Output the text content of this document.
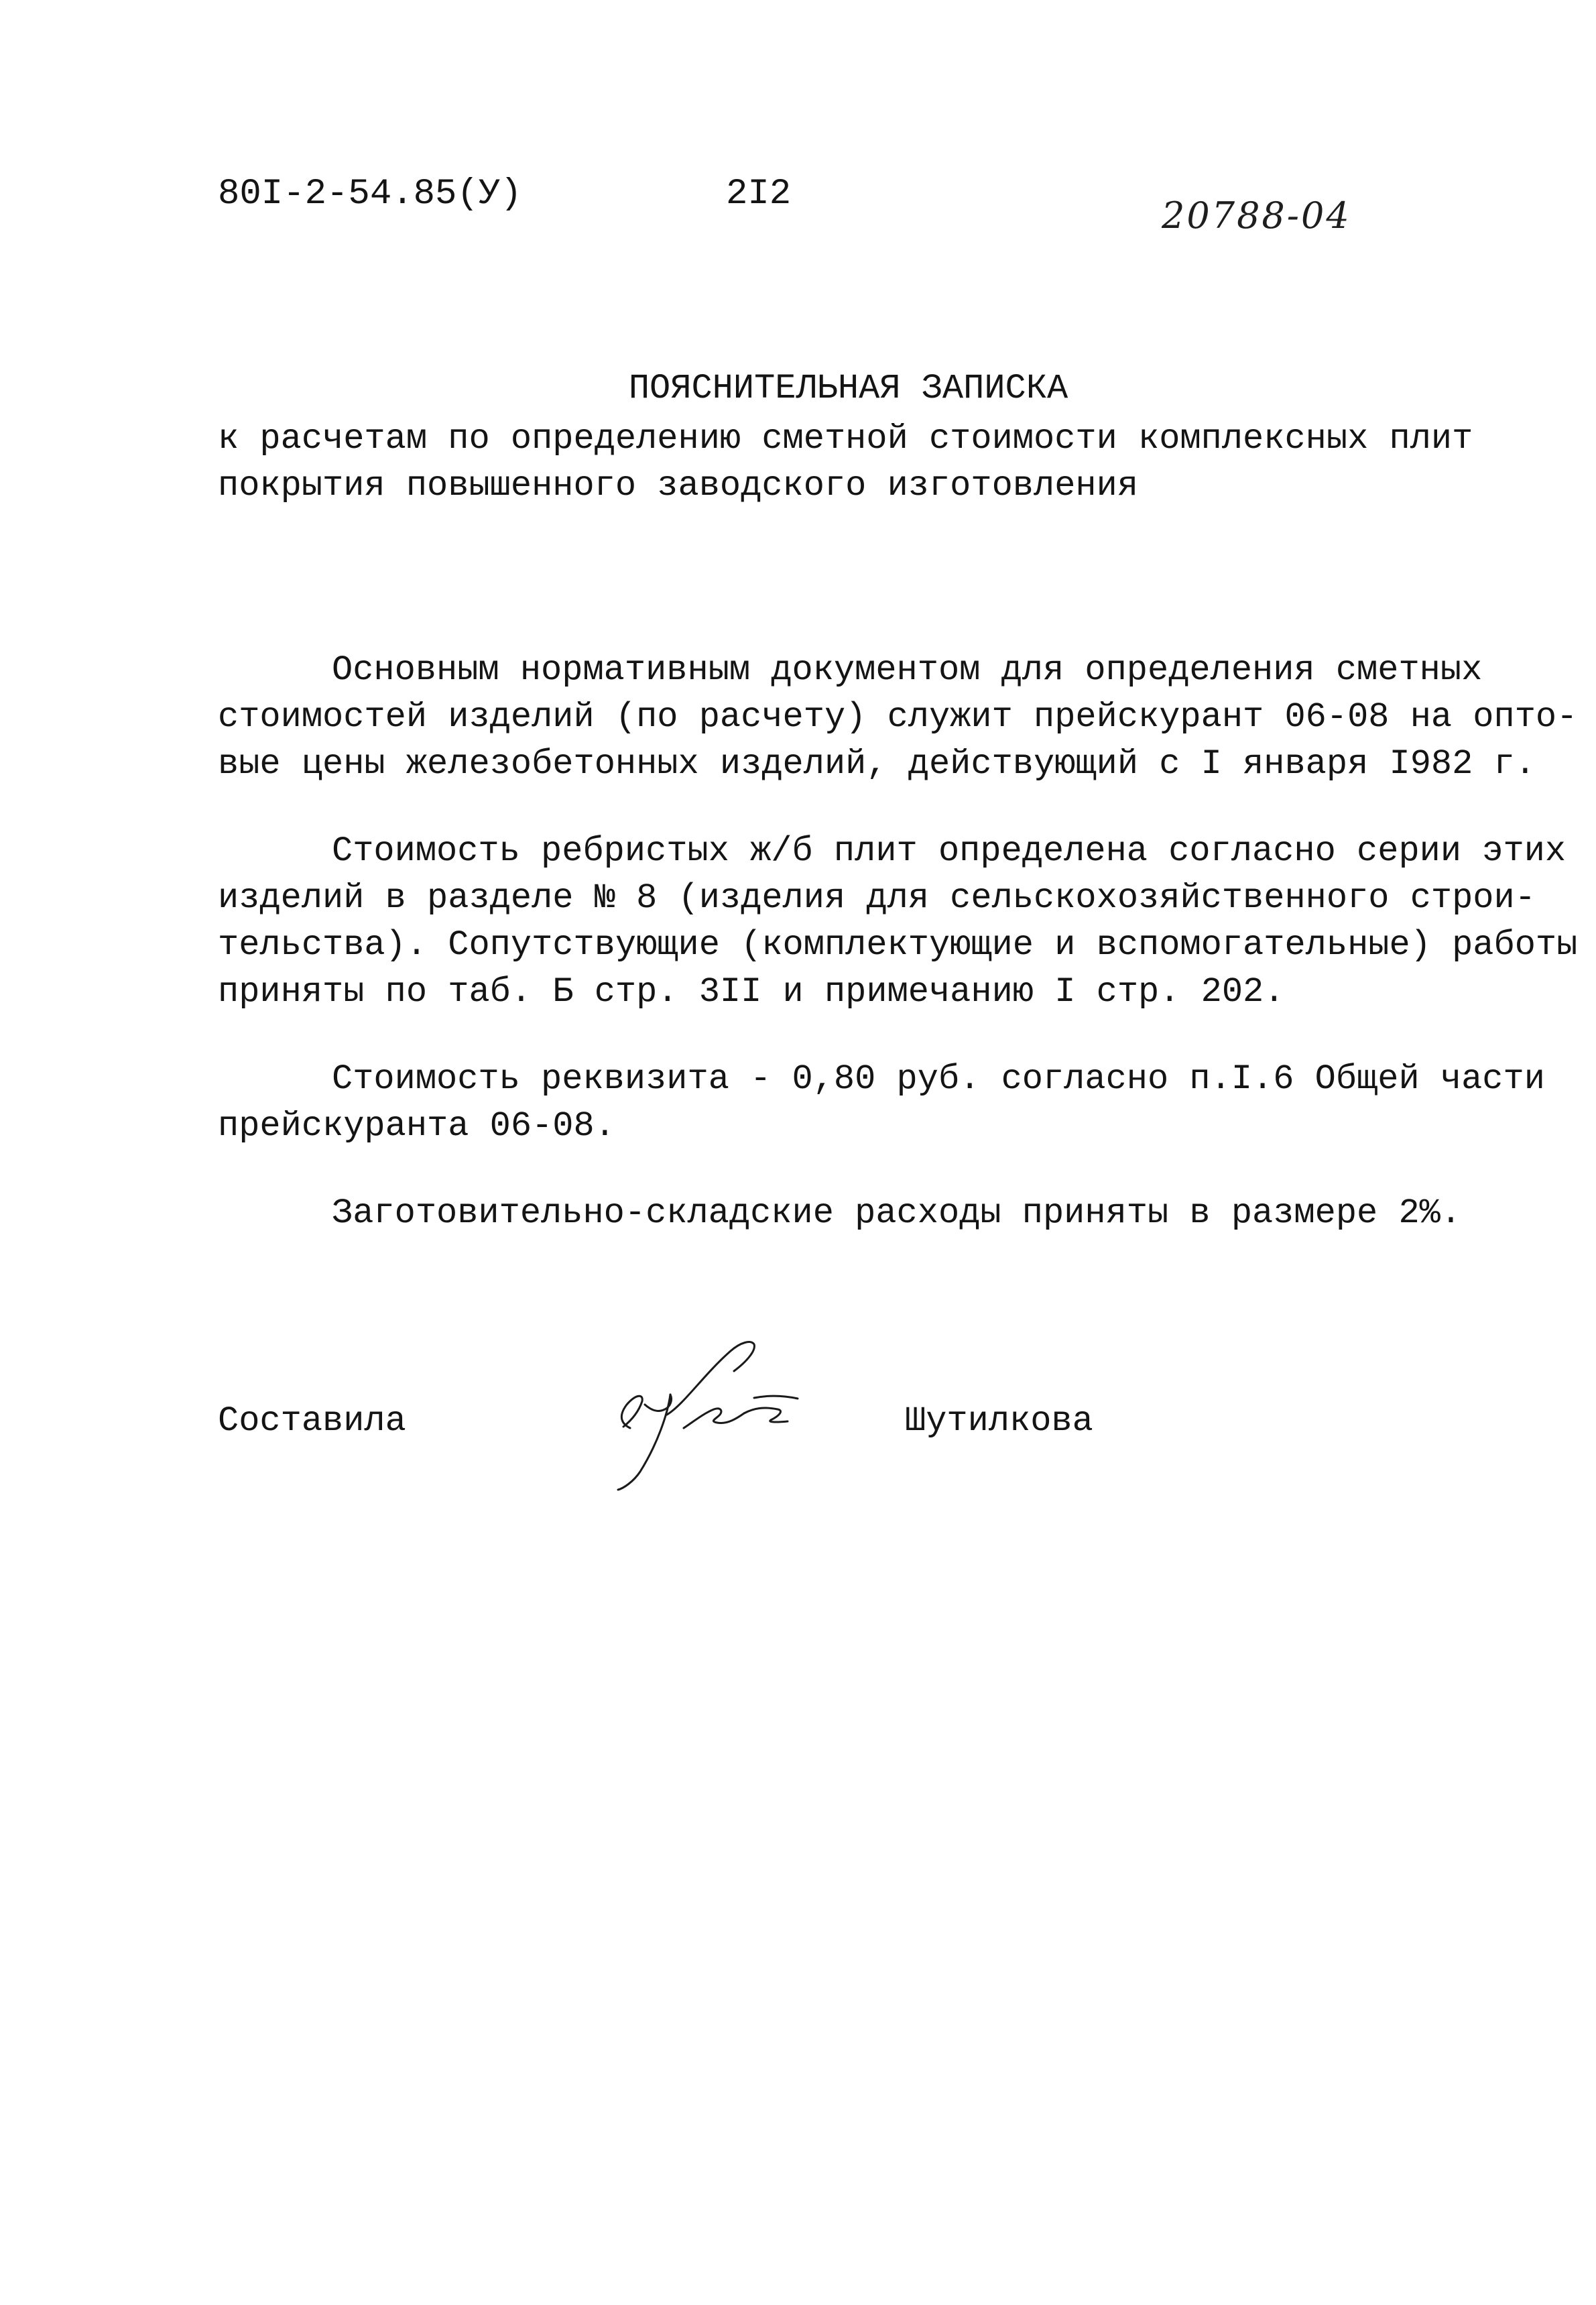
80I-2-54.85(У)	2I2
20788-04
ПОЯСНИТЕЛЬНАЯ ЗАПИСКА
к расчетам по определению сметной стоимости комплексных плит
покрытия повышенного заводского изготовления
Основным нормативным документом для определения сметных
стоимостей изделий (по расчету) служит прейскурант 06-08 на опто-
вые цены железобетонных изделий, действующий с I января I982 г.
Стоимость ребристых ж/б плит определена согласно серии этих
изделий в разделе № 8 (изделия для сельскохозяйственного строи-
тельства). Сопутствующие (комплектующие и вспомогательные) работы
приняты по таб. Б стр. 3II и примечанию I стр. 202.
Стоимость реквизита - 0,80 руб. согласно п.I.6 Общей части
прейскуранта 06-08.
Заготовительно-складские расходы приняты в размере 2%.
Составила	Шутилкова
